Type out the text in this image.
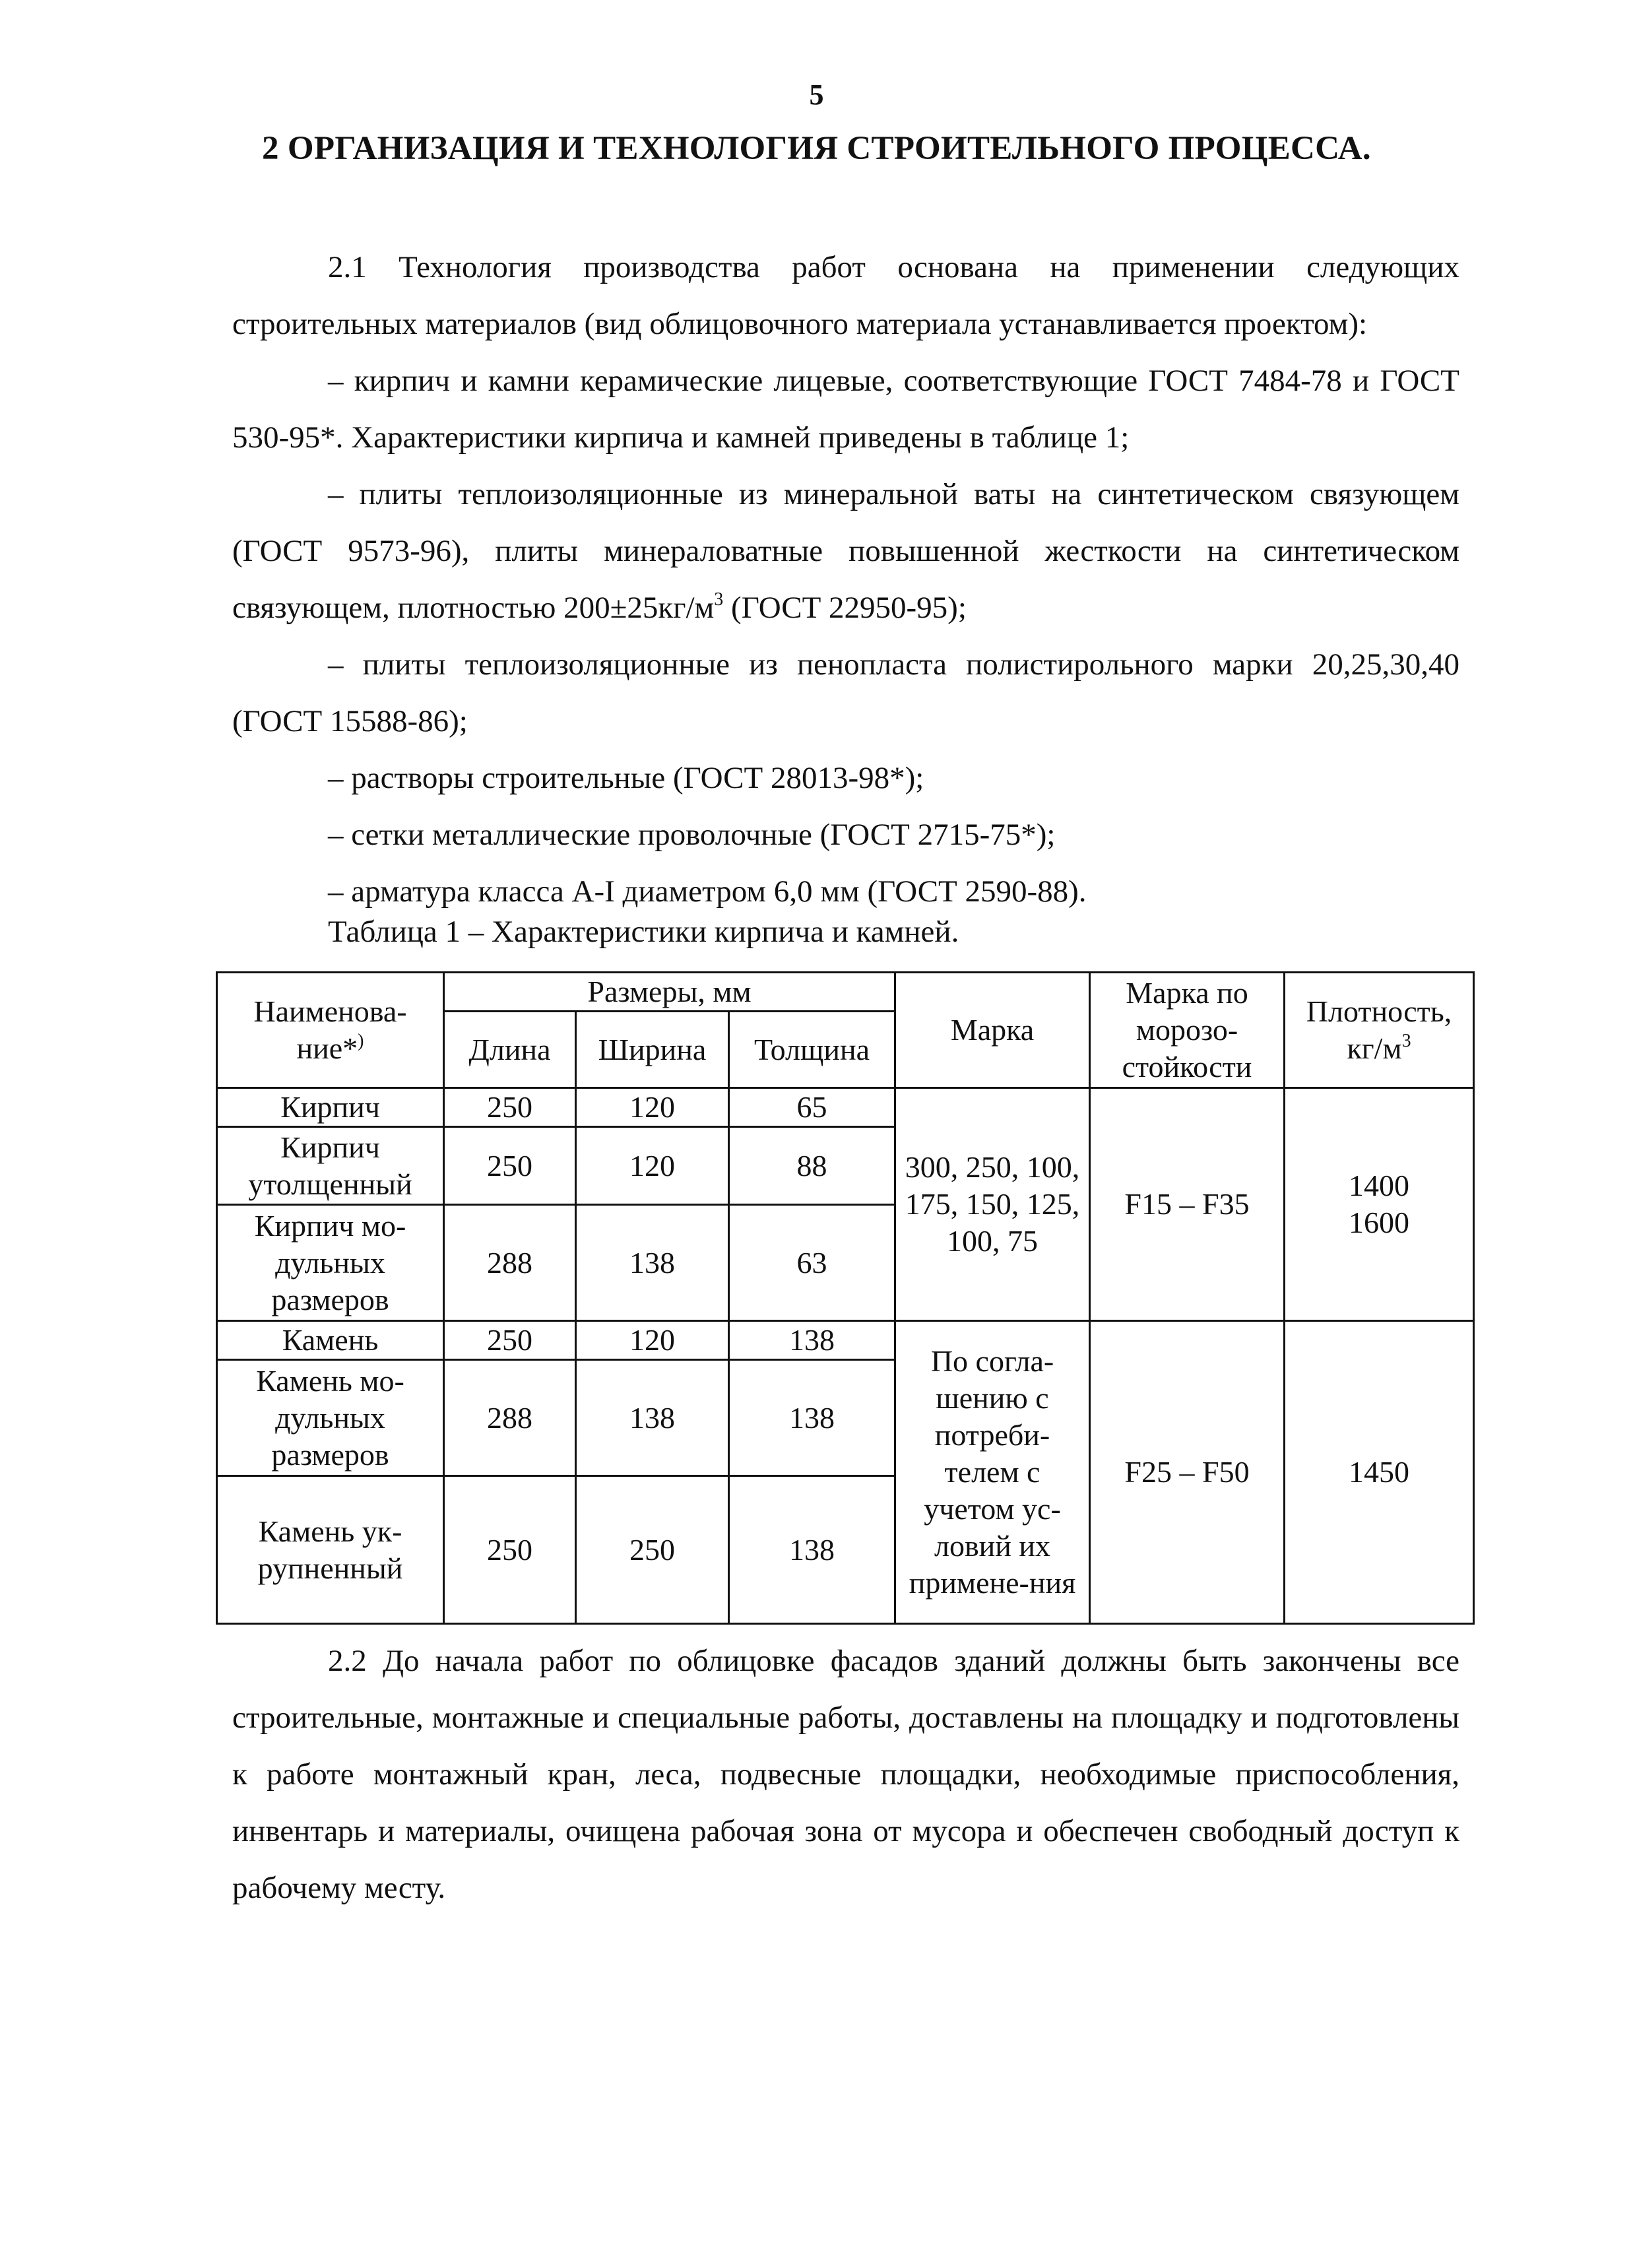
5
2 ОРГАНИЗАЦИЯ И ТЕХНОЛОГИЯ СТРОИТЕЛЬНОГО ПРОЦЕССА.

2.1 Технология производства работ основана на применении следующих строительных материалов (вид облицовочного материала устанавливается проектом):

– кирпич и камни керамические лицевые, соответствующие ГОСТ 7484-78 и ГОСТ 530-95*. Характеристики кирпича и камней приведены в таблице 1;

– плиты теплоизоляционные из минеральной ваты на синтетическом связующем (ГОСТ 9573-96), плиты минераловатные повышенной жесткости на синтетическом связующем, плотностью $200\pm 25кг/м^3$ (ГОСТ 22950-95);

– плиты теплоизоляционные из пенопласта полистирольного марки 20,25,30,40 (ГОСТ 15588-86);

– растворы строительные (ГОСТ 28013-98*);

– сетки металлические проволочные (ГОСТ 2715-75*);

– арматура класса А-I диаметром 6,0 мм (ГОСТ 2590-88).

Таблица 1 – Характеристики кирпича и камней.
Наименова-ние*)	Размеры, мм			Марка	Марка по морозо-стойкости	Плотность, $кг/м^3$
	Длина	Ширина	Толщина			
Кирпич	250	120	65	300, 250, 100, 175, 150, 125, 100, 75	F15 – F35	1400
1600
Кирпич утолщенный	250	120	88			
Кирпич мо-дульных размеров	288	138	63			
Камень	250	120	138	По согла-шению с потреби-телем с учетом ус-ловий их примене-ния	F25 – F50	1450
Камень мо-дульных размеров	288	138	138			
Камень ук-рупненный	250	250	138			

2.2 До начала работ по облицовке фасадов зданий должны быть закончены все строительные, монтажные и специальные работы, доставлены на площадку и подготовлены к работе монтажный кран, леса, подвесные площадки, необходимые приспособления, инвентарь и материалы, очищена рабочая зона от мусора и обеспечен свободный доступ к рабочему месту.
